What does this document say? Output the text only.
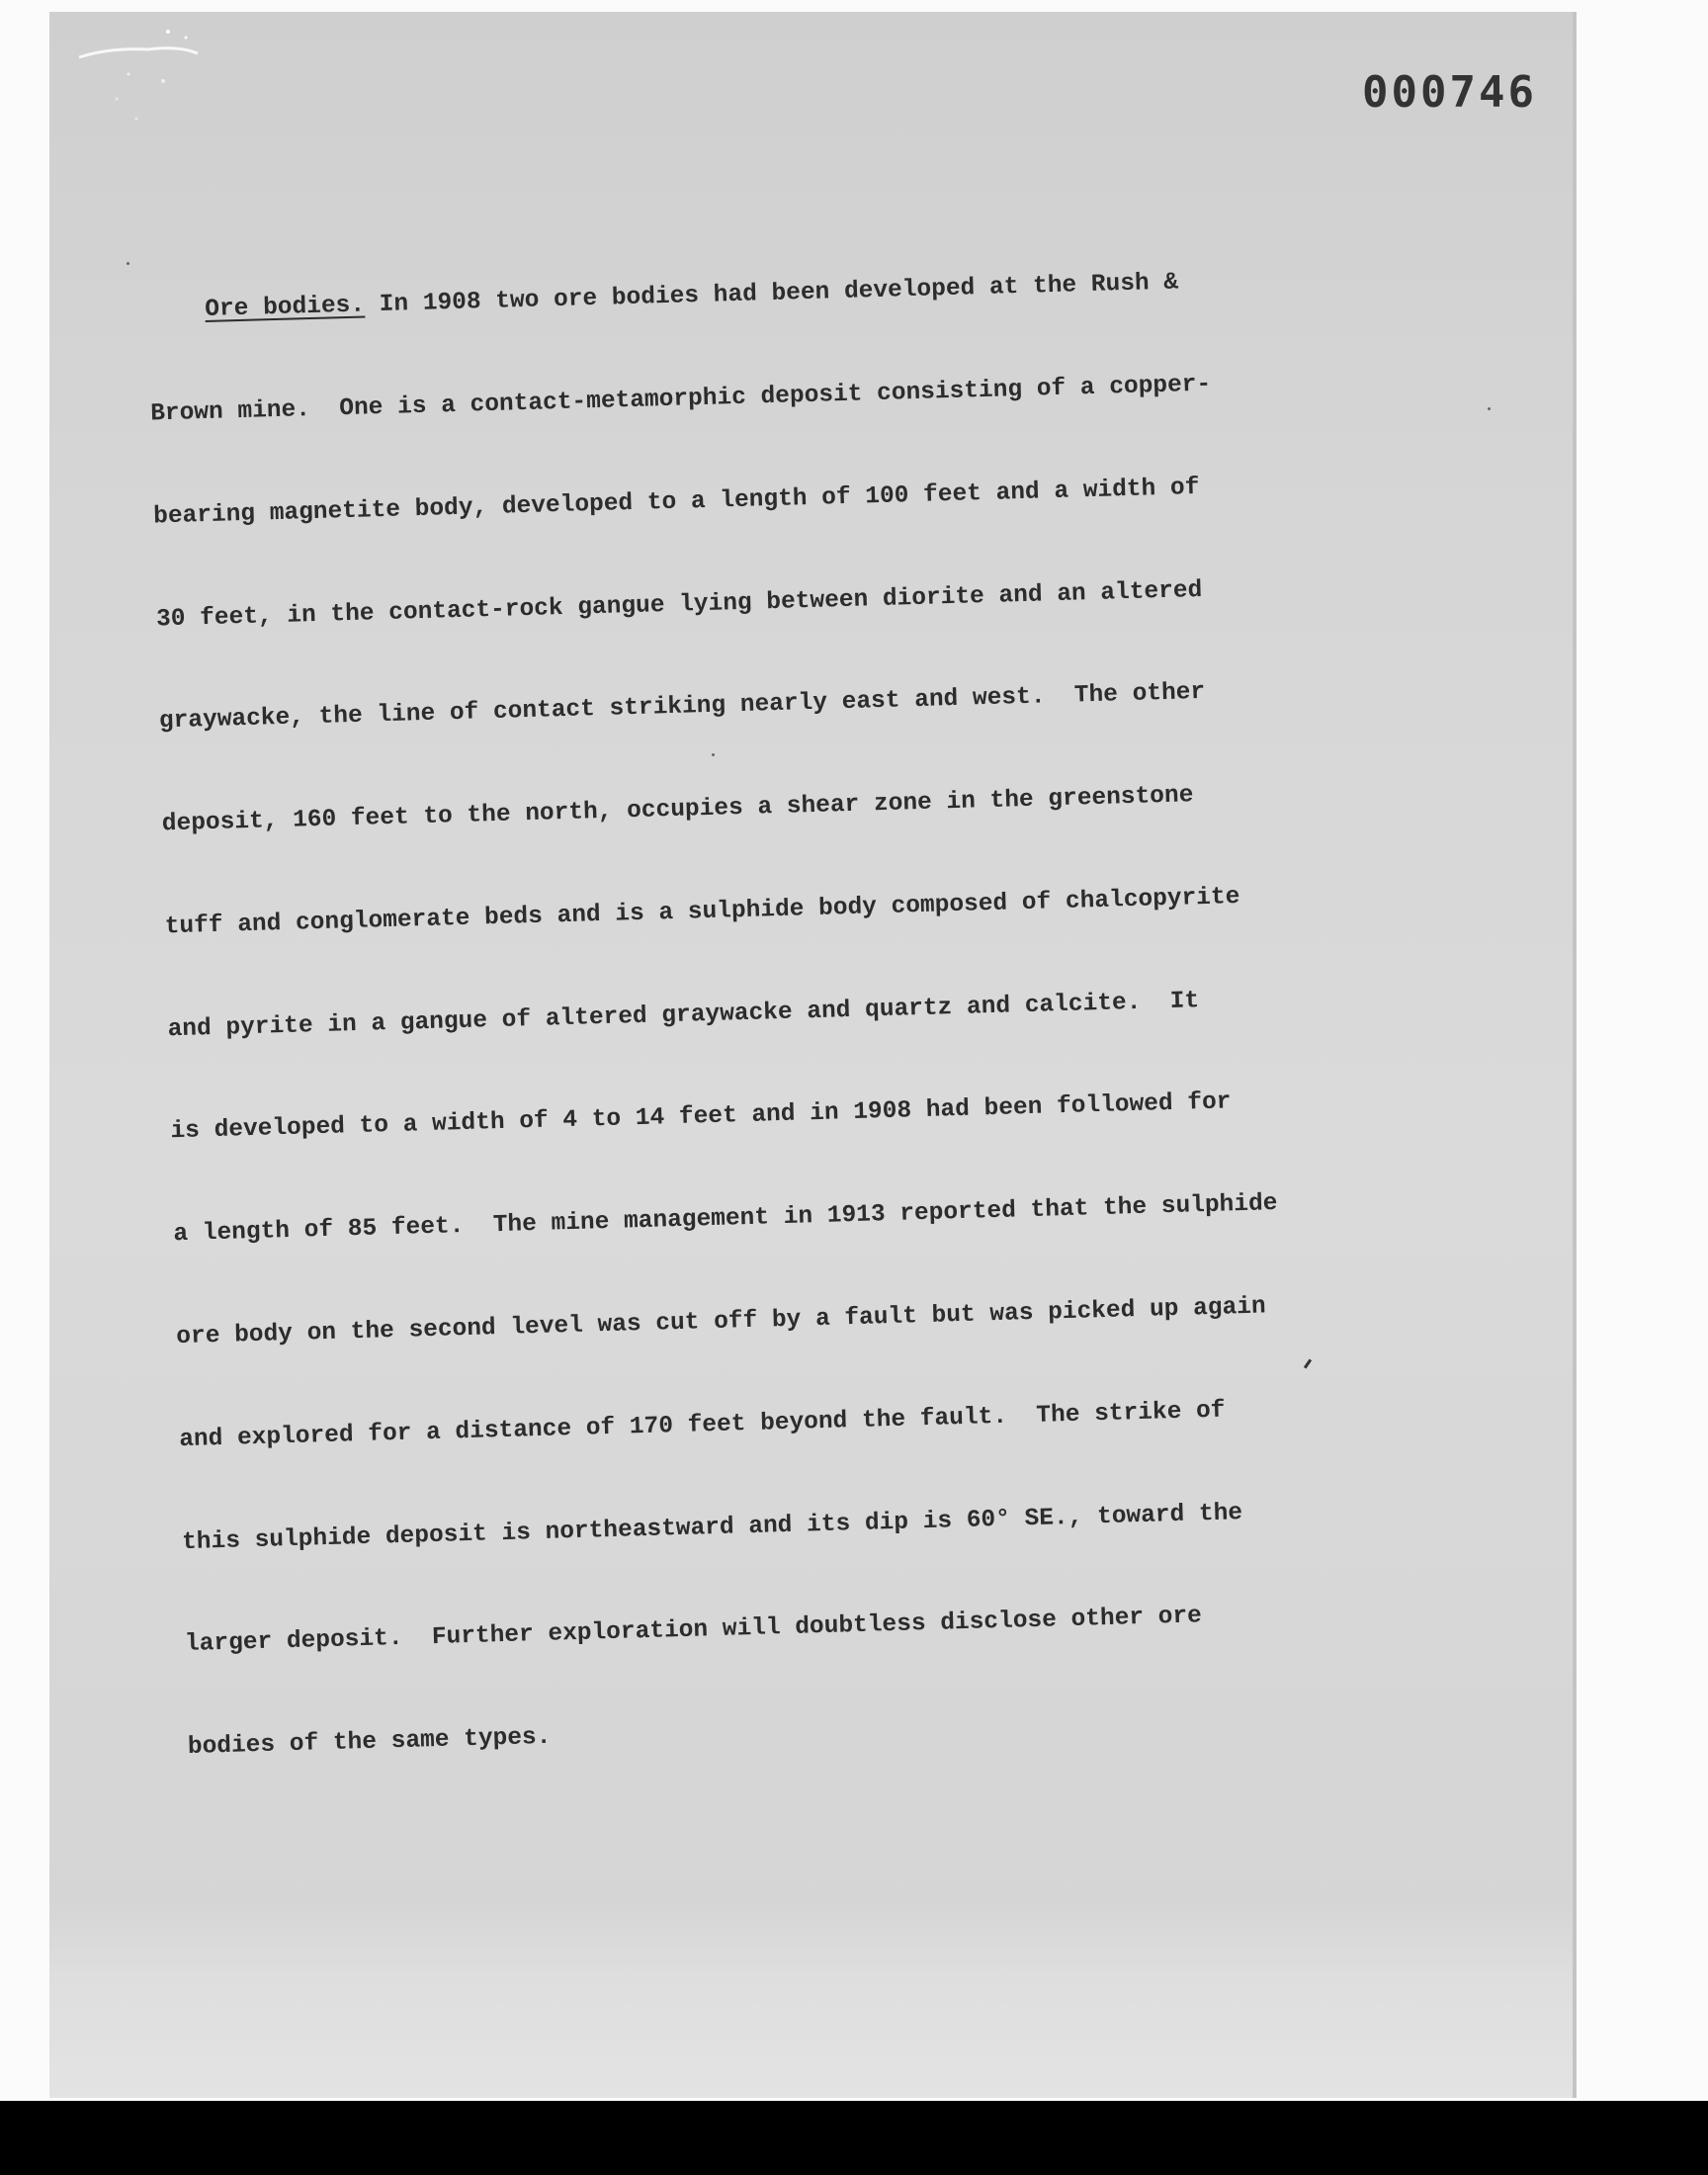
000746

Ore bodies. In 1908 two ore bodies had been developed at the Rush &

Brown mine.  One is a contact-metamorphic deposit consisting of a copper-

bearing magnetite body, developed to a length of 100 feet and a width of

30 feet, in the contact-rock gangue lying between diorite and an altered

graywacke, the line of contact striking nearly east and west.  The other

deposit, 160 feet to the north, occupies a shear zone in the greenstone

tuff and conglomerate beds and is a sulphide body composed of chalcopyrite

and pyrite in a gangue of altered graywacke and quartz and calcite.  It

is developed to a width of 4 to 14 feet and in 1908 had been followed for

a length of 85 feet.  The mine management in 1913 reported that the sulphide

ore body on the second level was cut off by a fault but was picked up again

and explored for a distance of 170 feet beyond the fault.  The strike of

this sulphide deposit is northeastward and its dip is 60° SE., toward the

larger deposit.  Further exploration will doubtless disclose other ore

bodies of the same types.
